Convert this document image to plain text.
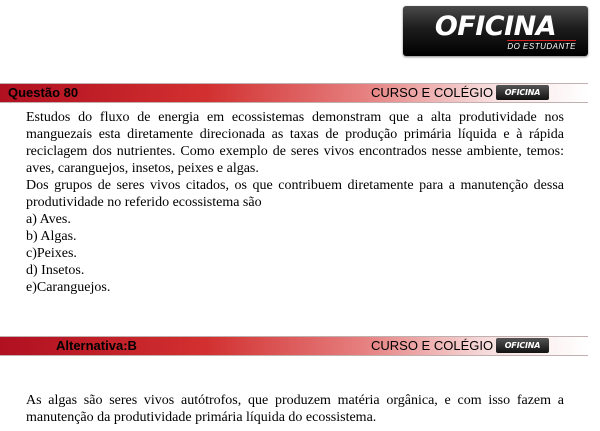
OFICINA
DO ESTUDANTE
Questão 80	CURSO E COLÉGIO	OFICINA
Estudos do fluxo de energia em ecossistemas demonstram que a alta produtividade nos manguezais esta diretamente direcionada as taxas de produção primária líquida e à rápida reciclagem dos nutrientes. Como exemplo de seres vivos encontrados nesse ambiente, temos: aves, caranguejos, insetos, peixes e algas.
Dos grupos de seres vivos citados, os que contribuem diretamente para a manutenção dessa produtividade no referido ecossistema são
a) Aves.
b) Algas.
c)Peixes.
d) Insetos.
e)Caranguejos.
Alternativa:B	CURSO E COLÉGIO	OFICINA
As algas são seres vivos autótrofos, que produzem matéria orgânica, e com isso fazem a manutenção da produtividade primária líquida do ecossistema.
